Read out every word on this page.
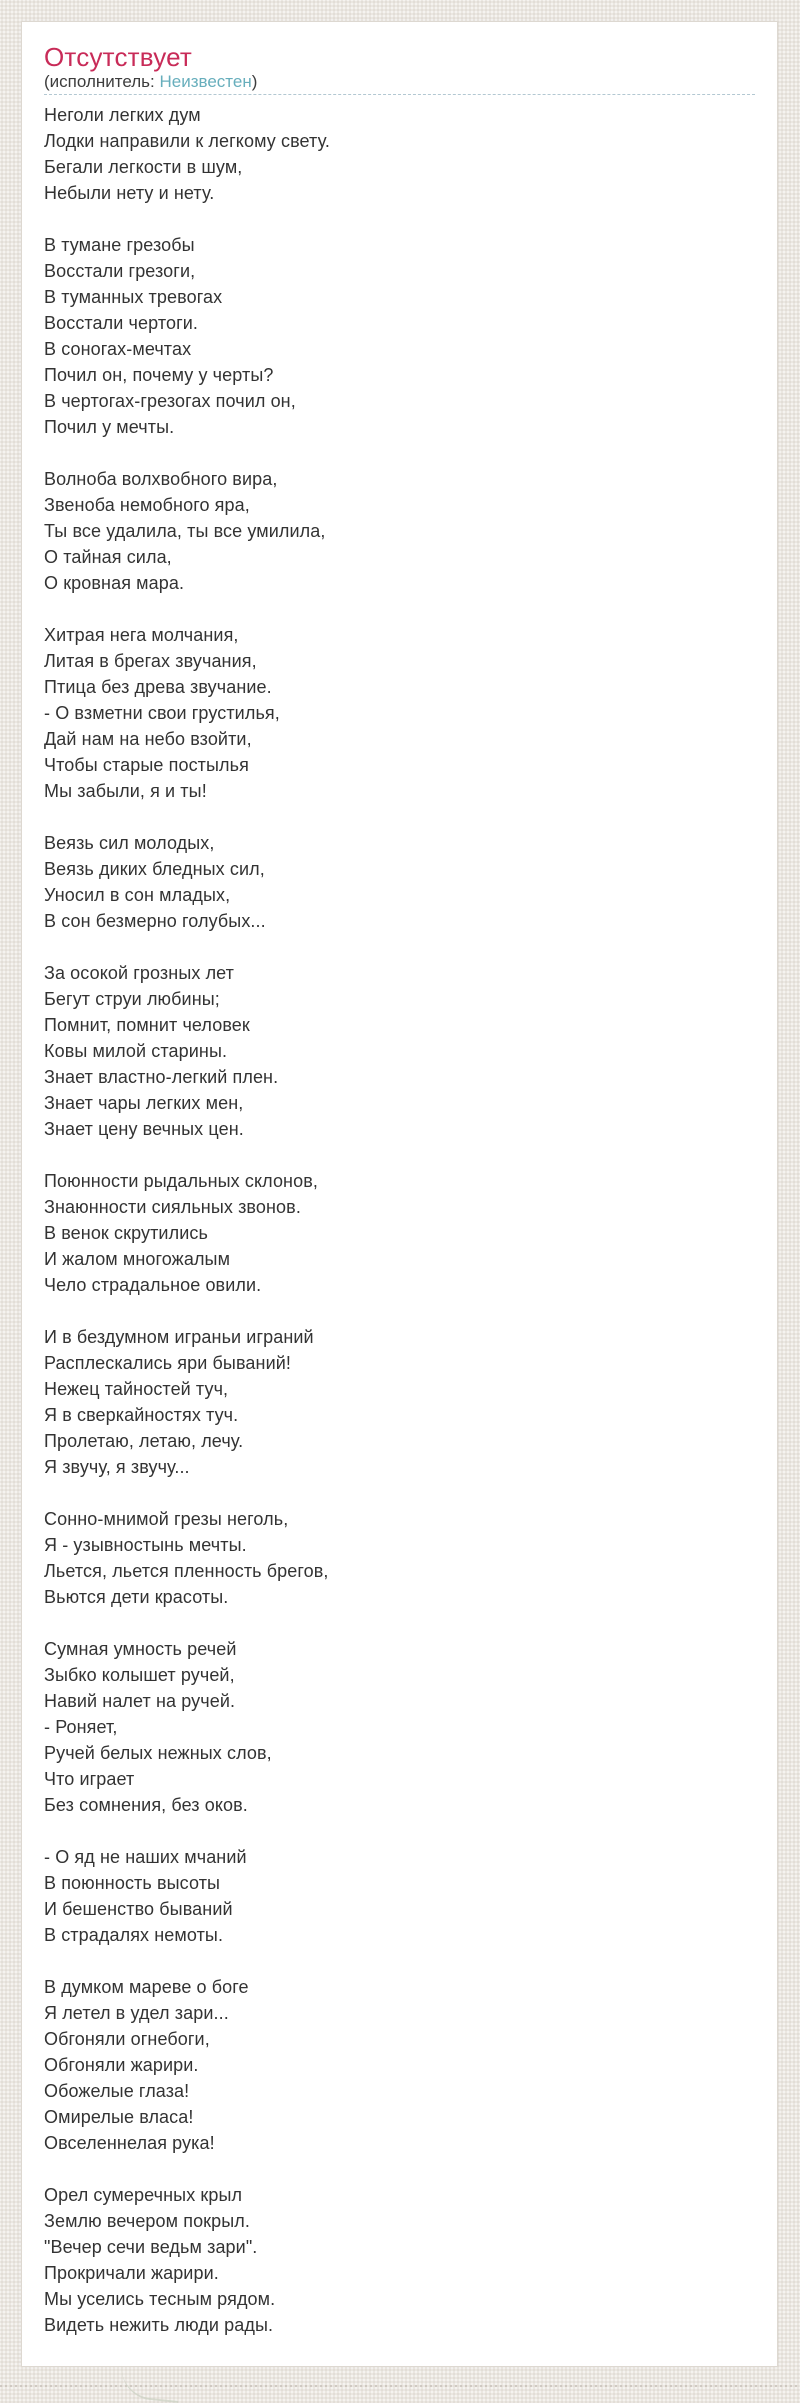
Отсутствует
(исполнитель: Неизвестен)
Неголи легких дум
Лодки направили к легкому свету.
Бегали легкости в шум,
Небыли нету и нету.
В тумане грезобы
Восстали грезоги,
В туманных тревогах
Восстали чертоги.
В соногах-мечтах
Почил он, почему у черты?
В чертогах-грезогах почил он,
Почил у мечты.
Волноба волхвобного вира,
Звеноба немобного яра,
Ты все удалила, ты все умилила,
О тайная сила,
О кровная мара.
Хитрая нега молчания,
Литая в брегах звучания,
Птица без древа звучание.
- О взметни свои грустилья,
Дай нам на небо взойти,
Чтобы старые постылья
Мы забыли, я и ты!
Веязь сил молодых,
Веязь диких бледных сил,
Уносил в сон младых,
В сон безмерно голубых...
За осокой грозных лет
Бегут струи любины;
Помнит, помнит человек
Ковы милой старины.
Знает властно-легкий плен.
Знает чары легких мен,
Знает цену вечных цен.
Поюнности рыдальных склонов,
Знаюнности сияльных звонов.
В венок скрутились
И жалом многожалым
Чело страдальное овили.
И в бездумном играньи играний
Расплескались яри бываний!
Нежец тайностей туч,
Я в сверкайностях туч.
Пролетаю, летаю, лечу.
Я звучу, я звучу...
Сонно-мнимой грезы неголь,
Я - узывностынь мечты.
Льется, льется пленность брегов,
Вьются дети красоты.
Сумная умность речей
Зыбко колышет ручей,
Навий налет на ручей.
- Роняет,
Ручей белых нежных слов,
Что играет
Без сомнения, без оков.
- О яд не наших мчаний
В поюнность высоты
И бешенство бываний
В страдалях немоты.
В думком мареве о боге
Я летел в удел зари...
Обгоняли огнебоги,
Обгоняли жарири.
Обожелые глаза!
Омирелые власа!
Овселеннелая рука!
Орел сумеречных крыл
Землю вечером покрыл.
"Вечер сечи ведьм зари".
Прокричали жарири.
Мы уселись тесным рядом.
Видеть нежить люди рады.
